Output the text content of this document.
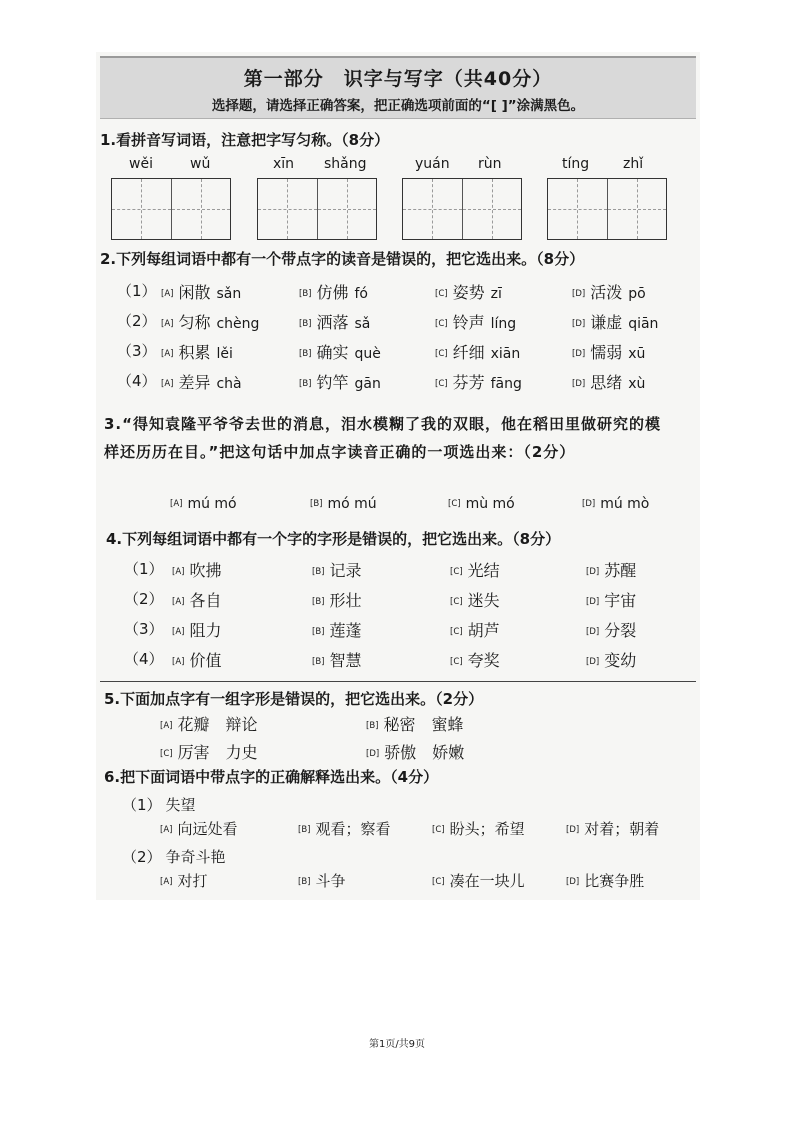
第一部分　识字与写字（共40分）
选择题，请选择正确答案，把正确选项前面的“[ ]”涂满黑色。
1.看拼音写词语，注意把字写匀称。（8分）
wěi	wǔ	xīn shǎng	yuán rùn	tíng zhǐ
2.下列每组词语中都有一个带点字的读音是错误的，把它选出来。（8分）
（1） [A] 闲散 sǎn	[B] 仿佛 fó	[C] 姿势 zī	[D] 活泼 pō
（2） [A] 匀称 chèng	[B] 洒落 sǎ	[C] 铃声 líng	[D] 谦虚 qiān
（3） [A] 积累 lěi	[B] 确实 què	[C] 纤细 xiān	[D] 懦弱 xū
（4） [A] 差异 chà	[B] 钓竿 gān	[C] 芬芳 fāng	[D] 思绪 xù
3.“得知袁隆平爷爷去世的消息，泪水模糊了我的双眼，他在稻田里做研究的模样还历历在目。”把这句话中加点字读音正确的一项选出来：（2分）
[A] mú mó	[B] mó mú	[C] mù mó	[D] mú mò
4.下列每组词语中都有一个字的字形是错误的，把它选出来。（8分）
（1） [A] 吹拂	[B] 记录	[C] 光结	[D] 苏醒
（2） [A] 各自	[B] 形壮	[C] 迷失	[D] 宇宙
（3） [A] 阻力	[B] 莲蓬	[C] 胡芦	[D] 分裂
（4） [A] 价值	[B] 智慧	[C] 夸奖	[D] 变幼
5.下面加点字有一组字形是错误的，把它选出来。（2分）
[A] 花瓣　辩论	[B] 秘密　蜜蜂
[C] 厉害　力史	[D] 骄傲　娇嫩
6.把下面词语中带点字的正确解释选出来。（4分）
（1） 失望
[A] 向远处看	[B] 观看；察看	[C] 盼头；希望	[D] 对着；朝着
（2） 争奇斗艳
[A] 对打	[B] 斗争	[C] 凑在一块儿	[D] 比赛争胜
第1页/共9页
